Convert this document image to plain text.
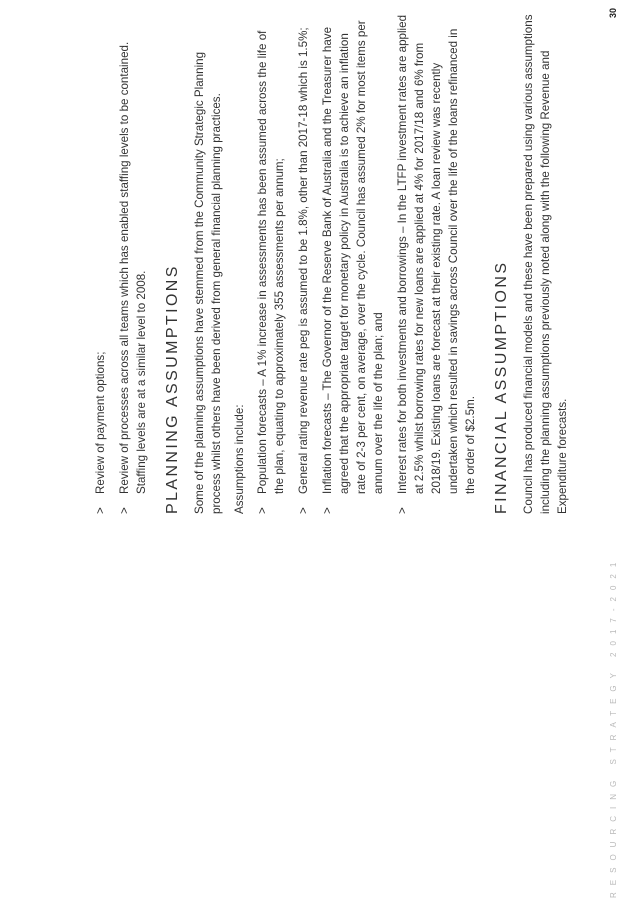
>
Review of payment options;
>
Review of processes across all teams which has enabled staffing levels to be contained. Staffing levels are at a similar level to 2008. PLANNING ASSUMPTIONS Some of the planning assumptions have stemmed from the Community Strategic Planning process whilst others have been derived from general financial planning practices. Assumptions include: >
Population forecasts – A 1% increase in assessments has been assumed across the life of the plan, equating to approximately 355 assessments per annum;
>
General rating revenue rate peg is assumed to be 1.8%, other than 2017-18 which is 1.5%;
>
Inflation forecasts – The Governor of the Reserve Bank of Australia and the Treasurer have agreed that the appropriate target for monetary policy in Australia is to achieve an inflation rate of 2-3 per cent, on average, over the cycle. Council has assumed 2% for most items per annum over the life of the plan; and
>
Interest rates for both investments and borrowings – In the LTFP investment rates are applied at 2.5% whilst borrowing rates for new loans are applied at 4% for 2017/18 and 6% from 2018/19. Existing loans are forecast at their existing rate. A loan review was recently undertaken which resulted in savings across Council over the life of the loans refinanced in the order of $2.5m. FINANCIAL ASSUMPTIONS Council has produced financial models and these have been prepared using various assumptions including the planning assumptions previously noted along with the following Revenue and Expenditure forecasts.
RESOURCING STRATEGY 2017-2021
30
